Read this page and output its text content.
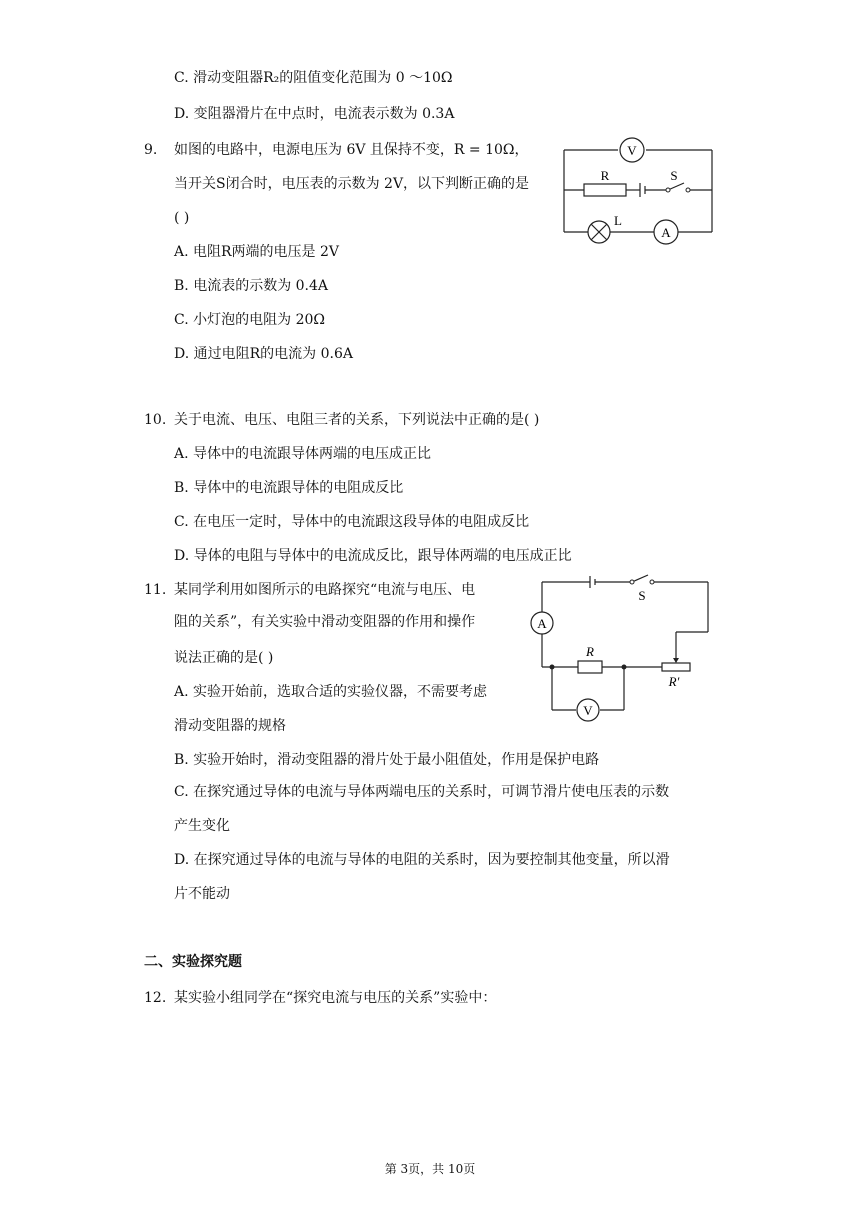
C. 滑动变阻器R₂的阻值变化范围为 0 ～10Ω
D. 变阻器滑片在中点时，电流表示数为 0.3A
9. 如图的电路中，电源电压为 6V 且保持不变，R = 10Ω，
当开关S闭合时，电压表的示数为 2V，以下判断正确的是
( )
A. 电阻R两端的电压是 2V
B. 电流表的示数为 0.4A
C. 小灯泡的电阻为 20Ω
D. 通过电阻R的电流为 0.6A
V
R	S
L
A
10. 关于电流、电压、电阻三者的关系，下列说法中正确的是( )
A. 导体中的电流跟导体两端的电压成正比
B. 导体中的电流跟导体的电阻成反比
C. 在电压一定时，导体中的电流跟这段导体的电阻成反比
D. 导体的电阻与导体中的电流成反比，跟导体两端的电压成正比
11. 某同学利用如图所示的电路探究“电流与电压、电
阻的关系”，有关实验中滑动变阻器的作用和操作
说法正确的是( )
A. 实验开始前，选取合适的实验仪器，不需要考虑
滑动变阻器的规格
B. 实验开始时，滑动变阻器的滑片处于最小阻值处，作用是保护电路
C. 在探究通过导体的电流与导体两端电压的关系时，可调节滑片使电压表的示数
产生变化
D. 在探究通过导体的电流与导体的电阻的关系时，因为要控制其他变量，所以滑
片不能动
A
S
R
R′
V
二、实验探究题
12. 某实验小组同学在“探究电流与电压的关系”实验中：
第 3页，共 10页
